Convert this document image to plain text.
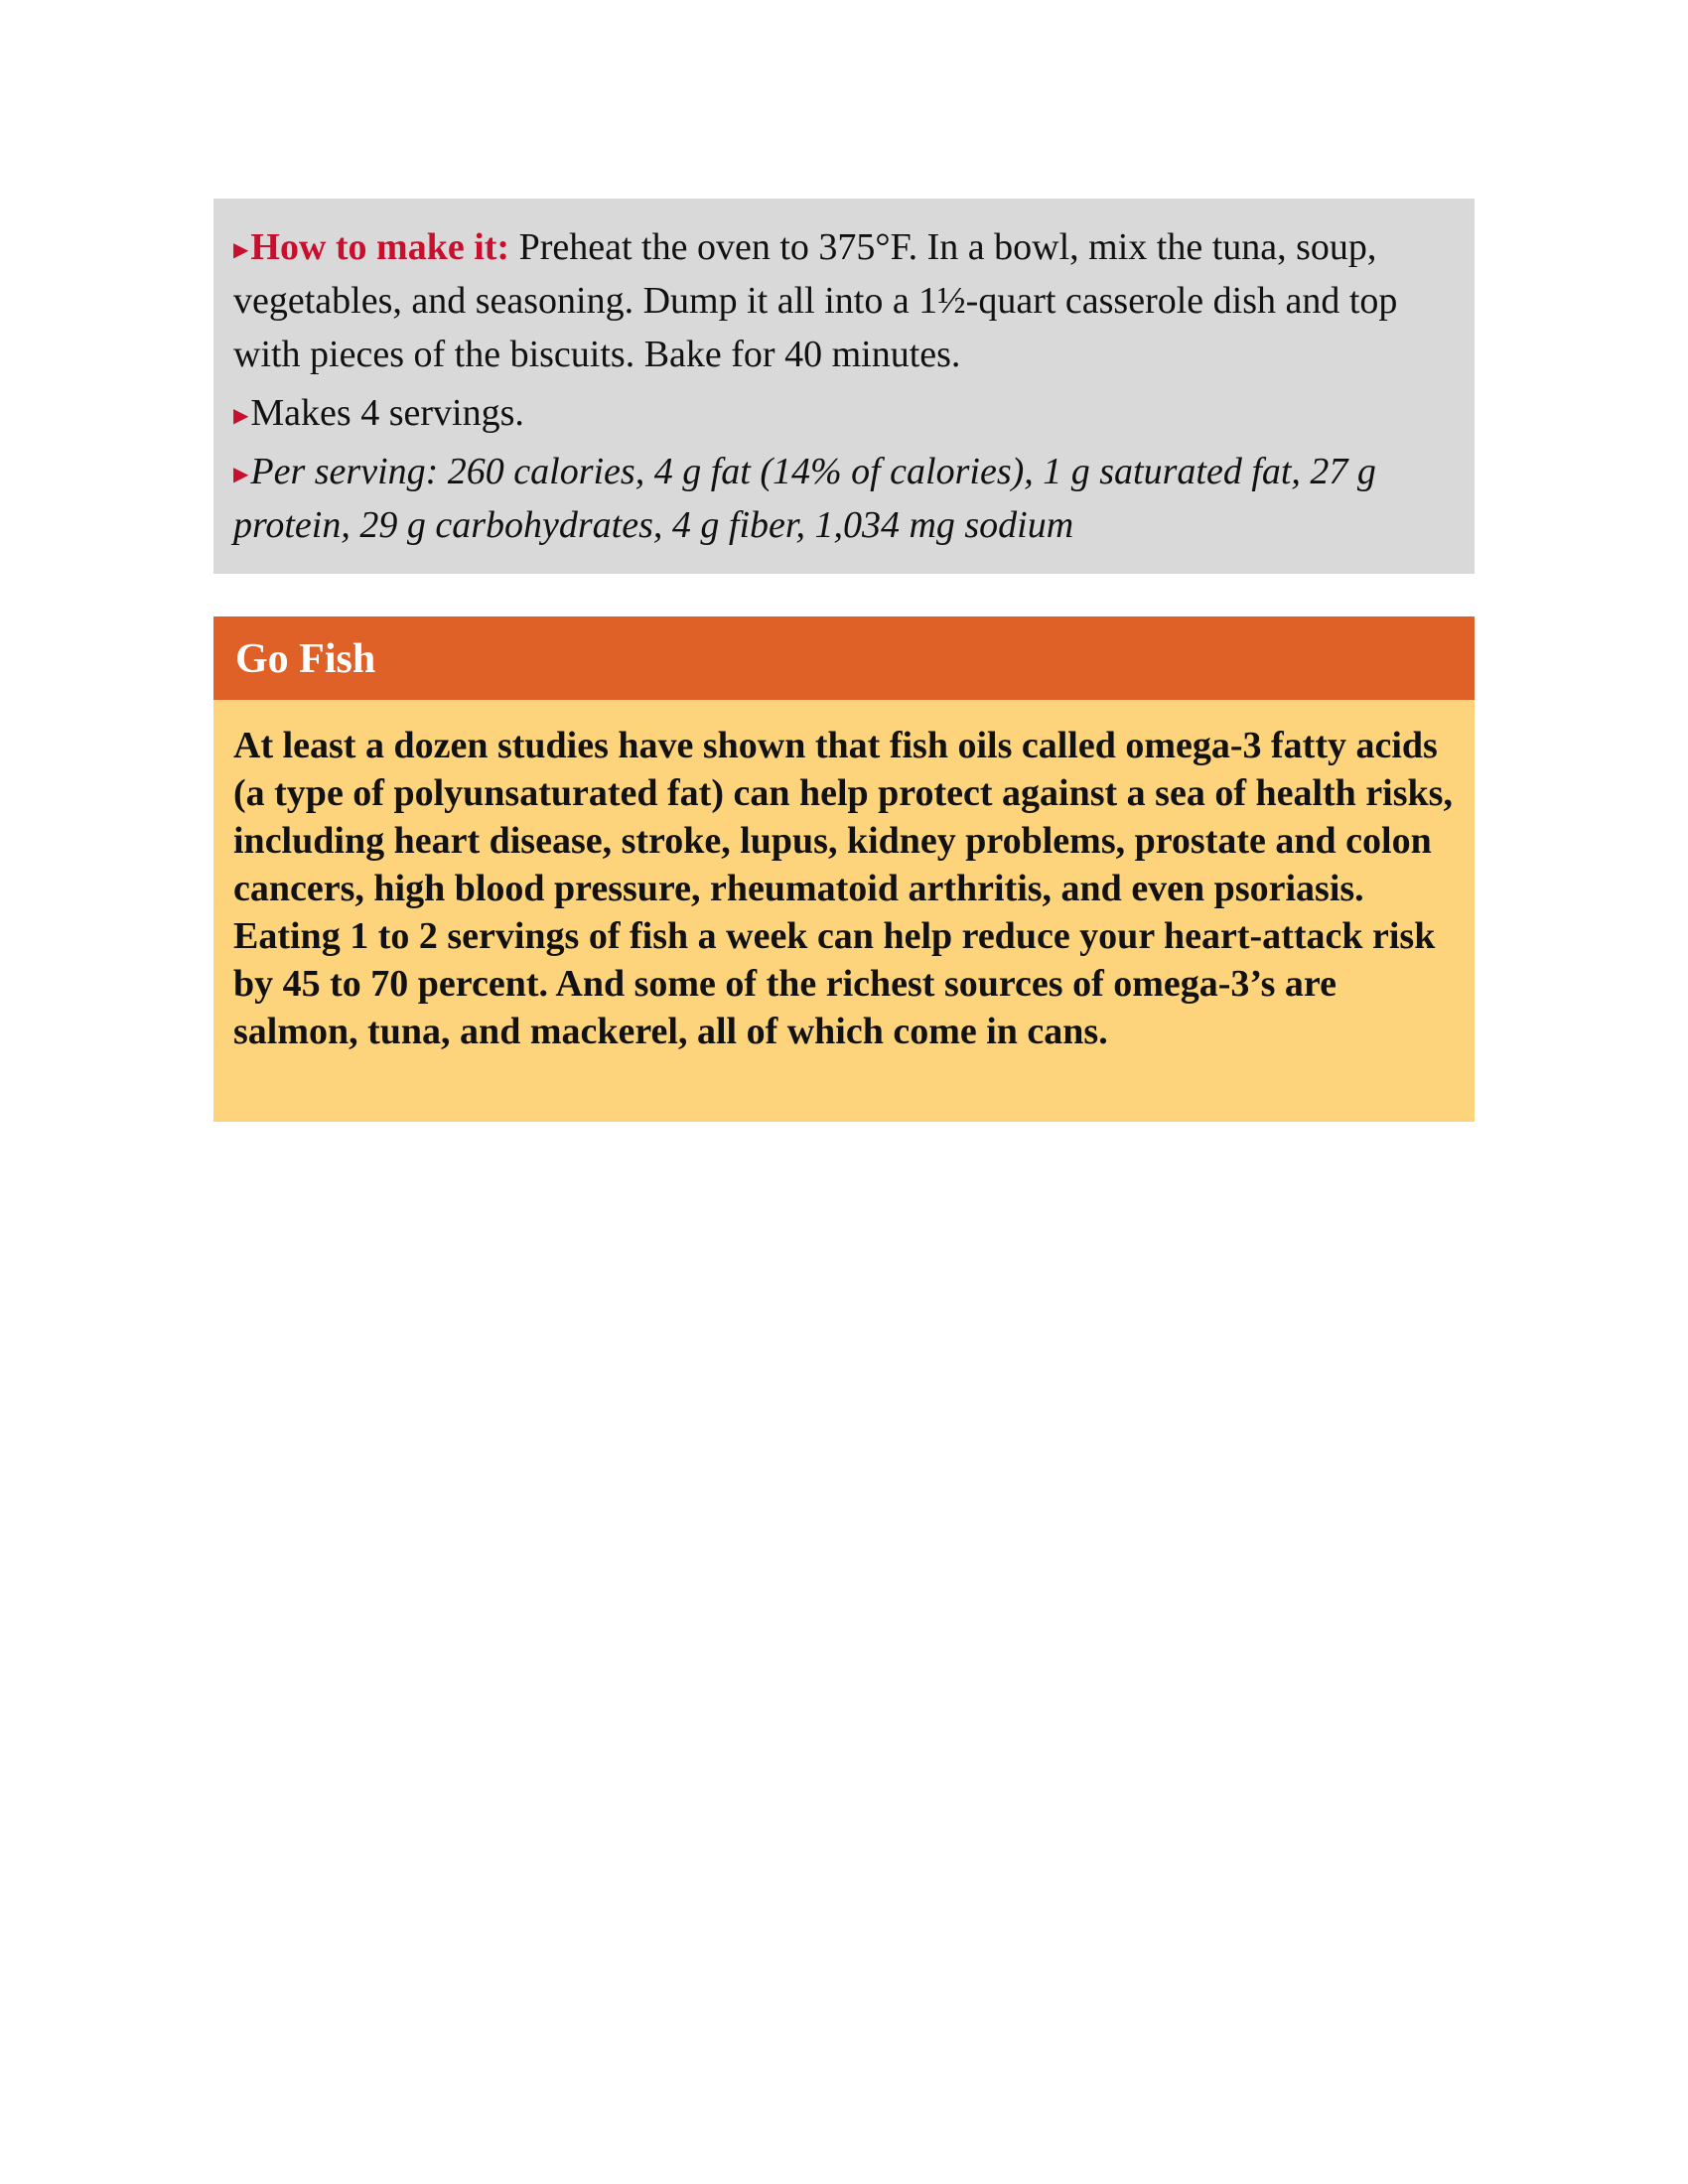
▶How to make it: Preheat the oven to 375°F. In a bowl, mix the tuna, soup, vegetables, and seasoning. Dump it all into a 1½-quart casserole dish and top with pieces of the biscuits. Bake for 40 minutes.

▶Makes 4 servings.

▶Per serving: 260 calories, 4 g fat (14% of calories), 1 g saturated fat, 27 g protein, 29 g carbohydrates, 4 g fiber, 1,034 mg sodium

Go Fish

At least a dozen studies have shown that fish oils called omega-3 fatty acids (a type of polyunsaturated fat) can help protect against a sea of health risks, including heart disease, stroke, lupus, kidney problems, prostate and colon cancers, high blood pressure, rheumatoid arthritis, and even psoriasis. Eating 1 to 2 servings of fish a week can help reduce your heart-attack risk by 45 to 70 percent. And some of the richest sources of omega-3’s are salmon, tuna, and mackerel, all of which come in cans.
